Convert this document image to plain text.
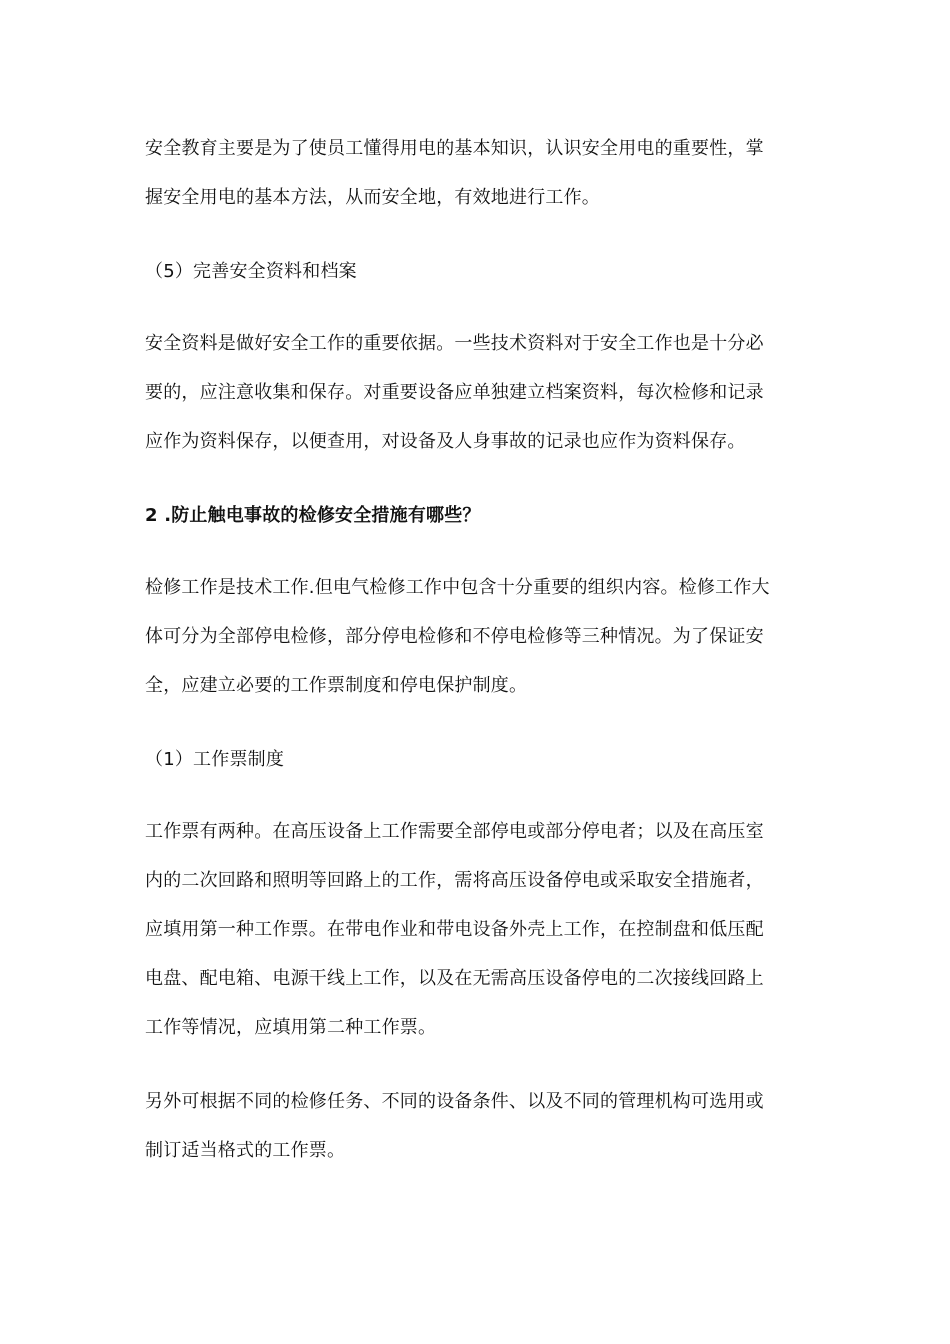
安全教育主要是为了使员工懂得用电的基本知识，认识安全用电的重要性，掌
握安全用电的基本方法，从而安全地，有效地进行工作。

（5）完善安全资料和档案

安全资料是做好安全工作的重要依据。一些技术资料对于安全工作也是十分必
要的，应注意收集和保存。对重要设备应单独建立档案资料，每次检修和记录
应作为资料保存，以便查用，对设备及人身事故的记录也应作为资料保存。

2 .防止触电事故的检修安全措施有哪些？

检修工作是技术工作.但电气检修工作中包含十分重要的组织内容。检修工作大
体可分为全部停电检修，部分停电检修和不停电检修等三种情况。为了保证安
全，应建立必要的工作票制度和停电保护制度。

（1）工作票制度

工作票有两种。在高压设备上工作需要全部停电或部分停电者；以及在高压室
内的二次回路和照明等回路上的工作，需将高压设备停电或采取安全措施者，
应填用第一种工作票。在带电作业和带电设备外壳上工作，在控制盘和低压配
电盘、配电箱、电源干线上工作，以及在无需高压设备停电的二次接线回路上
工作等情况，应填用第二种工作票。

另外可根据不同的检修任务、不同的设备条件、以及不同的管理机构可选用或
制订适当格式的工作票。
